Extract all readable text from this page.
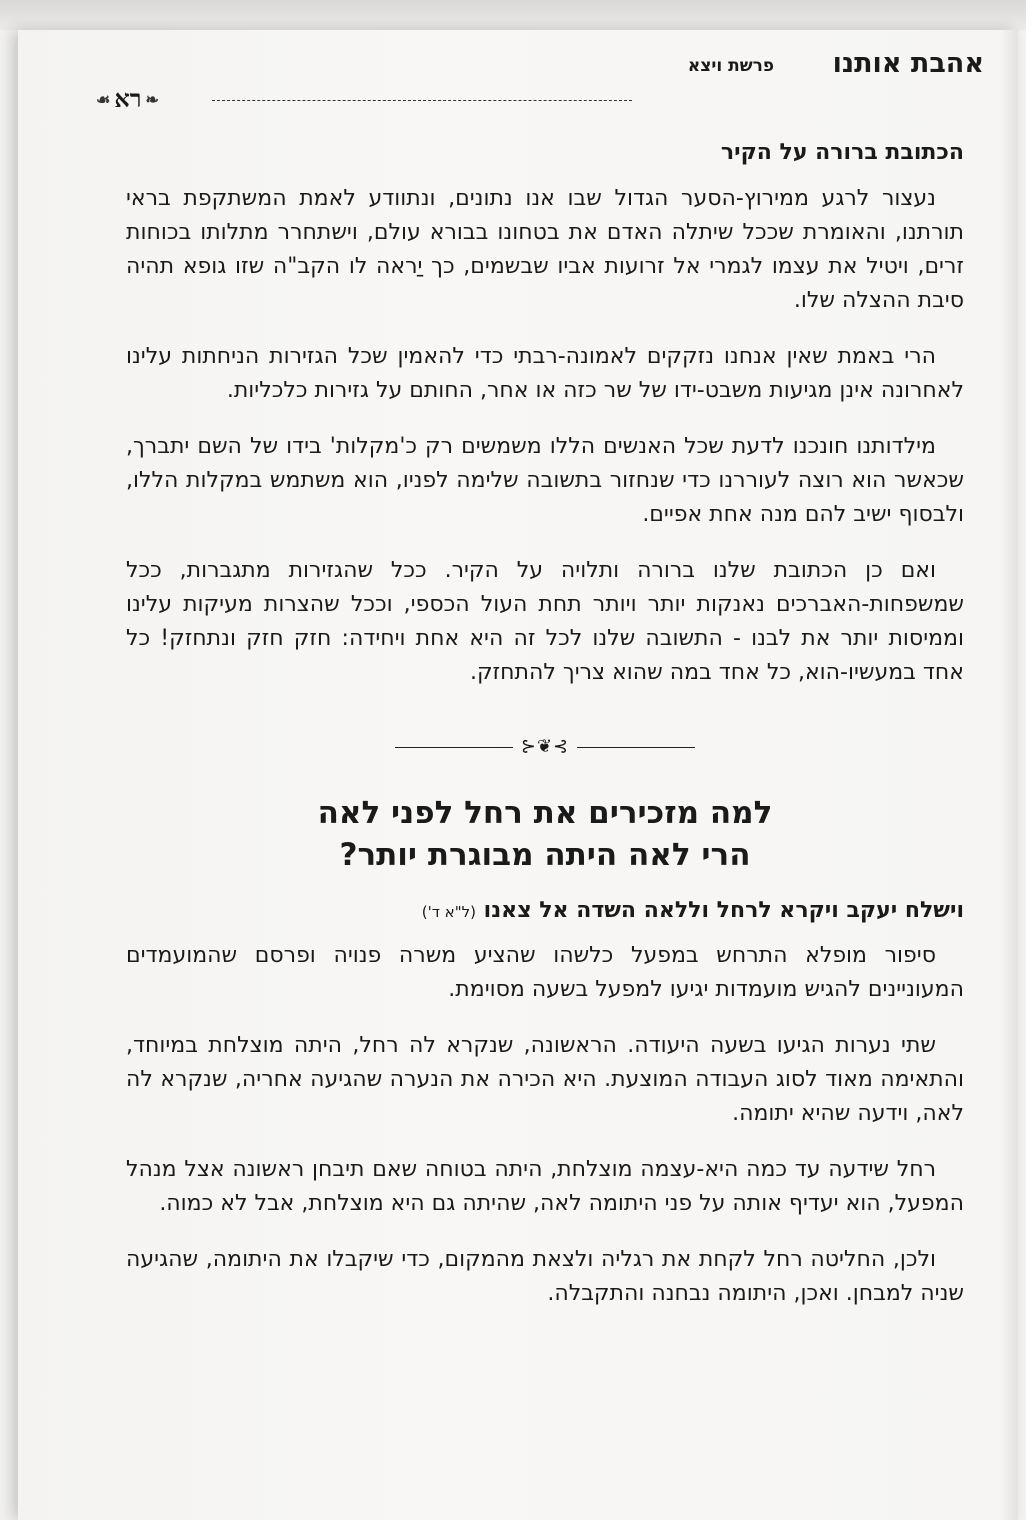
אהבת אותנו
פרשת ויצא
❧
רא
☙

הכתובת ברורה על הקיר

נעצור לרגע ממירוץ-הסער הגדול שבו אנו נתונים, ונתוודע לאמת המשתקפת בראי תורתנו, והאומרת שככל שיתלה האדם את בטחונו בבורא עולם, וישתחרר מתלותו בכוחות זרים, ויטיל את עצמו לגמרי אל זרועות אביו שבשמים, כך יַראה לו הקב"ה שזו גופא תהיה סיבת ההצלה שלו.

הרי באמת שאין אנחנו נזקקים לאמונה-רבתי כדי להאמין שכל הגזירות הניחתות עלינו לאחרונה אינן מגיעות משבט-ידו של שר כזה או אחר, החותם על גזירות כלכליות.

מילדותנו חונכנו לדעת שכל האנשים הללו משמשים רק כ'מקלות' בידו של השם יתברך, שכאשר הוא רוצה לעוררנו כדי שנחזור בתשובה שלימה לפניו, הוא משתמש במקלות הללו, ולבסוף ישיב להם מנה אחת אפיים.

ואם כן הכתובת שלנו ברורה ותלויה על הקיר. ככל שהגזירות מתגברות, ככל שמשפחות-האברכים נאנקות יותר ויותר תחת העול הכספי, וככל שהצרות מעיקות עלינו וממיסות יותר את לבנו - התשובה שלנו לכל זה היא אחת ויחידה: חזק חזק ונתחזק! כל אחד במעשיו-הוא, כל אחד במה שהוא צריך להתחזק.

⊱❦⊰
למה מזכירים את רחל לפני לאה
הרי לאה היתה מבוגרת יותר?

וישלח יעקב ויקרא לרחל וללאה השדה אל צאנו (ל"א ד')

סיפור מופלא התרחש במפעל כלשהו שהציע משרה פנויה ופרסם שהמועמדים המעוניינים להגיש מועמדות יגיעו למפעל בשעה מסוימת.

שתי נערות הגיעו בשעה היעודה. הראשונה, שנקרא לה רחל, היתה מוצלחת במיוחד, והתאימה מאוד לסוג העבודה המוצעת. היא הכירה את הנערה שהגיעה אחריה, שנקרא לה לאה, וידעה שהיא יתומה.

רחל שידעה עד כמה היא-עצמה מוצלחת, היתה בטוחה שאם תיבחן ראשונה אצל מנהל המפעל, הוא יעדיף אותה על פני היתומה לאה, שהיתה גם היא מוצלחת, אבל לא כמוה.

ולכן, החליטה רחל לקחת את רגליה ולצאת מהמקום, כדי שיקבלו את היתומה, שהגיעה שניה למבחן. ואכן, היתומה נבחנה והתקבלה.
